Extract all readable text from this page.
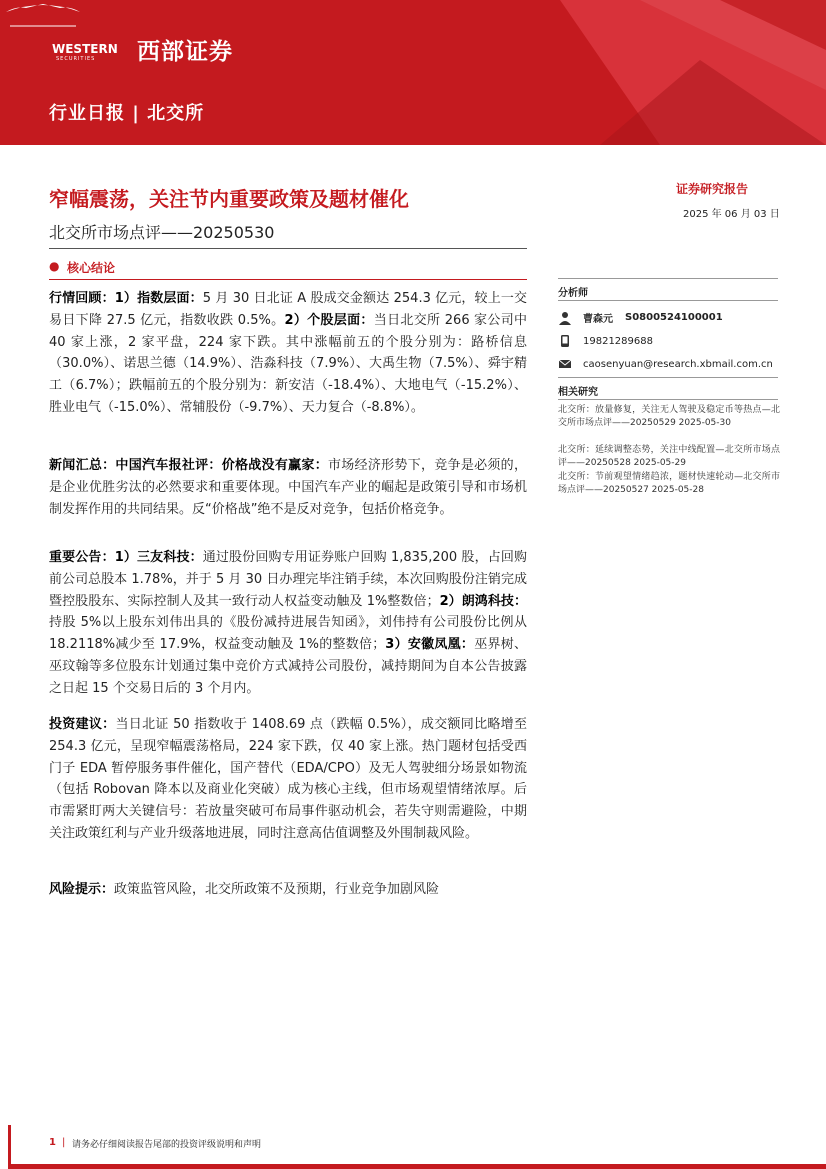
WESTERN
SECURITIES 西部证券
行业日报 | 北交所
窄幅震荡，关注节内重要政策及题材催化
北交所市场点评——20250530
证券研究报告
2025 年 06 月 03 日
● 核心结论
行情回顾：1）指数层面：5 月 30 日北证 A 股成交金额达 254.3 亿元，较上一交易日下降 27.5 亿元，指数收跌 0.5%。2）个股层面：当日北交所 266 家公司中 40 家上涨，2 家平盘，224 家下跌。其中涨幅前五的个股分别为：路桥信息（30.0%）、诺思兰德（14.9%）、浩淼科技（7.9%）、大禹生物（7.5%）、舜宇精工（6.7%）；跌幅前五的个股分别为：新安洁（-18.4%）、大地电气（-15.2%）、胜业电气（-15.0%）、常辅股份（-9.7%）、天力复合（-8.8%）。
新闻汇总：中国汽车报社评：价格战没有赢家：市场经济形势下，竞争是必须的，是企业优胜劣汰的必然要求和重要体现。中国汽车产业的崛起是政策引导和市场机制发挥作用的共同结果。反“价格战”绝不是反对竞争，包括价格竞争。
重要公告：1）三友科技：通过股份回购专用证券账户回购 1,835,200 股，占回购前公司总股本 1.78%，并于 5 月 30 日办理完毕注销手续，本次回购股份注销完成暨控股股东、实际控制人及其一致行动人权益变动触及 1%整数倍；2）朗鸿科技：持股 5%以上股东刘伟出具的《股份减持进展告知函》，刘伟持有公司股份比例从 18.2118%减少至 17.9%，权益变动触及 1%的整数倍；3）安徽凤凰：巫界树、巫玟翰等多位股东计划通过集中竞价方式减持公司股份，减持期间为自本公告披露之日起 15 个交易日后的 3 个月内。
投资建议：当日北证 50 指数收于 1408.69 点（跌幅 0.5%），成交额同比略增至 254.3 亿元，呈现窄幅震荡格局，224 家下跌，仅 40 家上涨。热门题材包括受西门子 EDA 暂停服务事件催化，国产替代（EDA/CPO）及无人驾驶细分场景如物流（包括 Robovan 降本以及商业化突破）成为核心主线，但市场观望情绪浓厚。后市需紧盯两大关键信号：若放量突破可布局事件驱动机会，若失守则需避险，中期关注政策红利与产业升级落地进展，同时注意高估值调整及外围制裁风险。
风险提示：政策监管风险，北交所政策不及预期，行业竞争加剧风险
分析师
曹森元 S0800524100001
19821289688
caosenyuan@research.xbmail.com.cn
相关研究
北交所：放量修复，关注无人驾驶及稳定币等热点—北交所市场点评——20250529 2025-05-30
北交所：延续调整态势，关注中线配置—北交所市场点评——20250528 2025-05-29
北交所：节前观望情绪趋浓，题材快速轮动—北交所市场点评——20250527 2025-05-28
1 | 请务必仔细阅读报告尾部的投资评级说明和声明
